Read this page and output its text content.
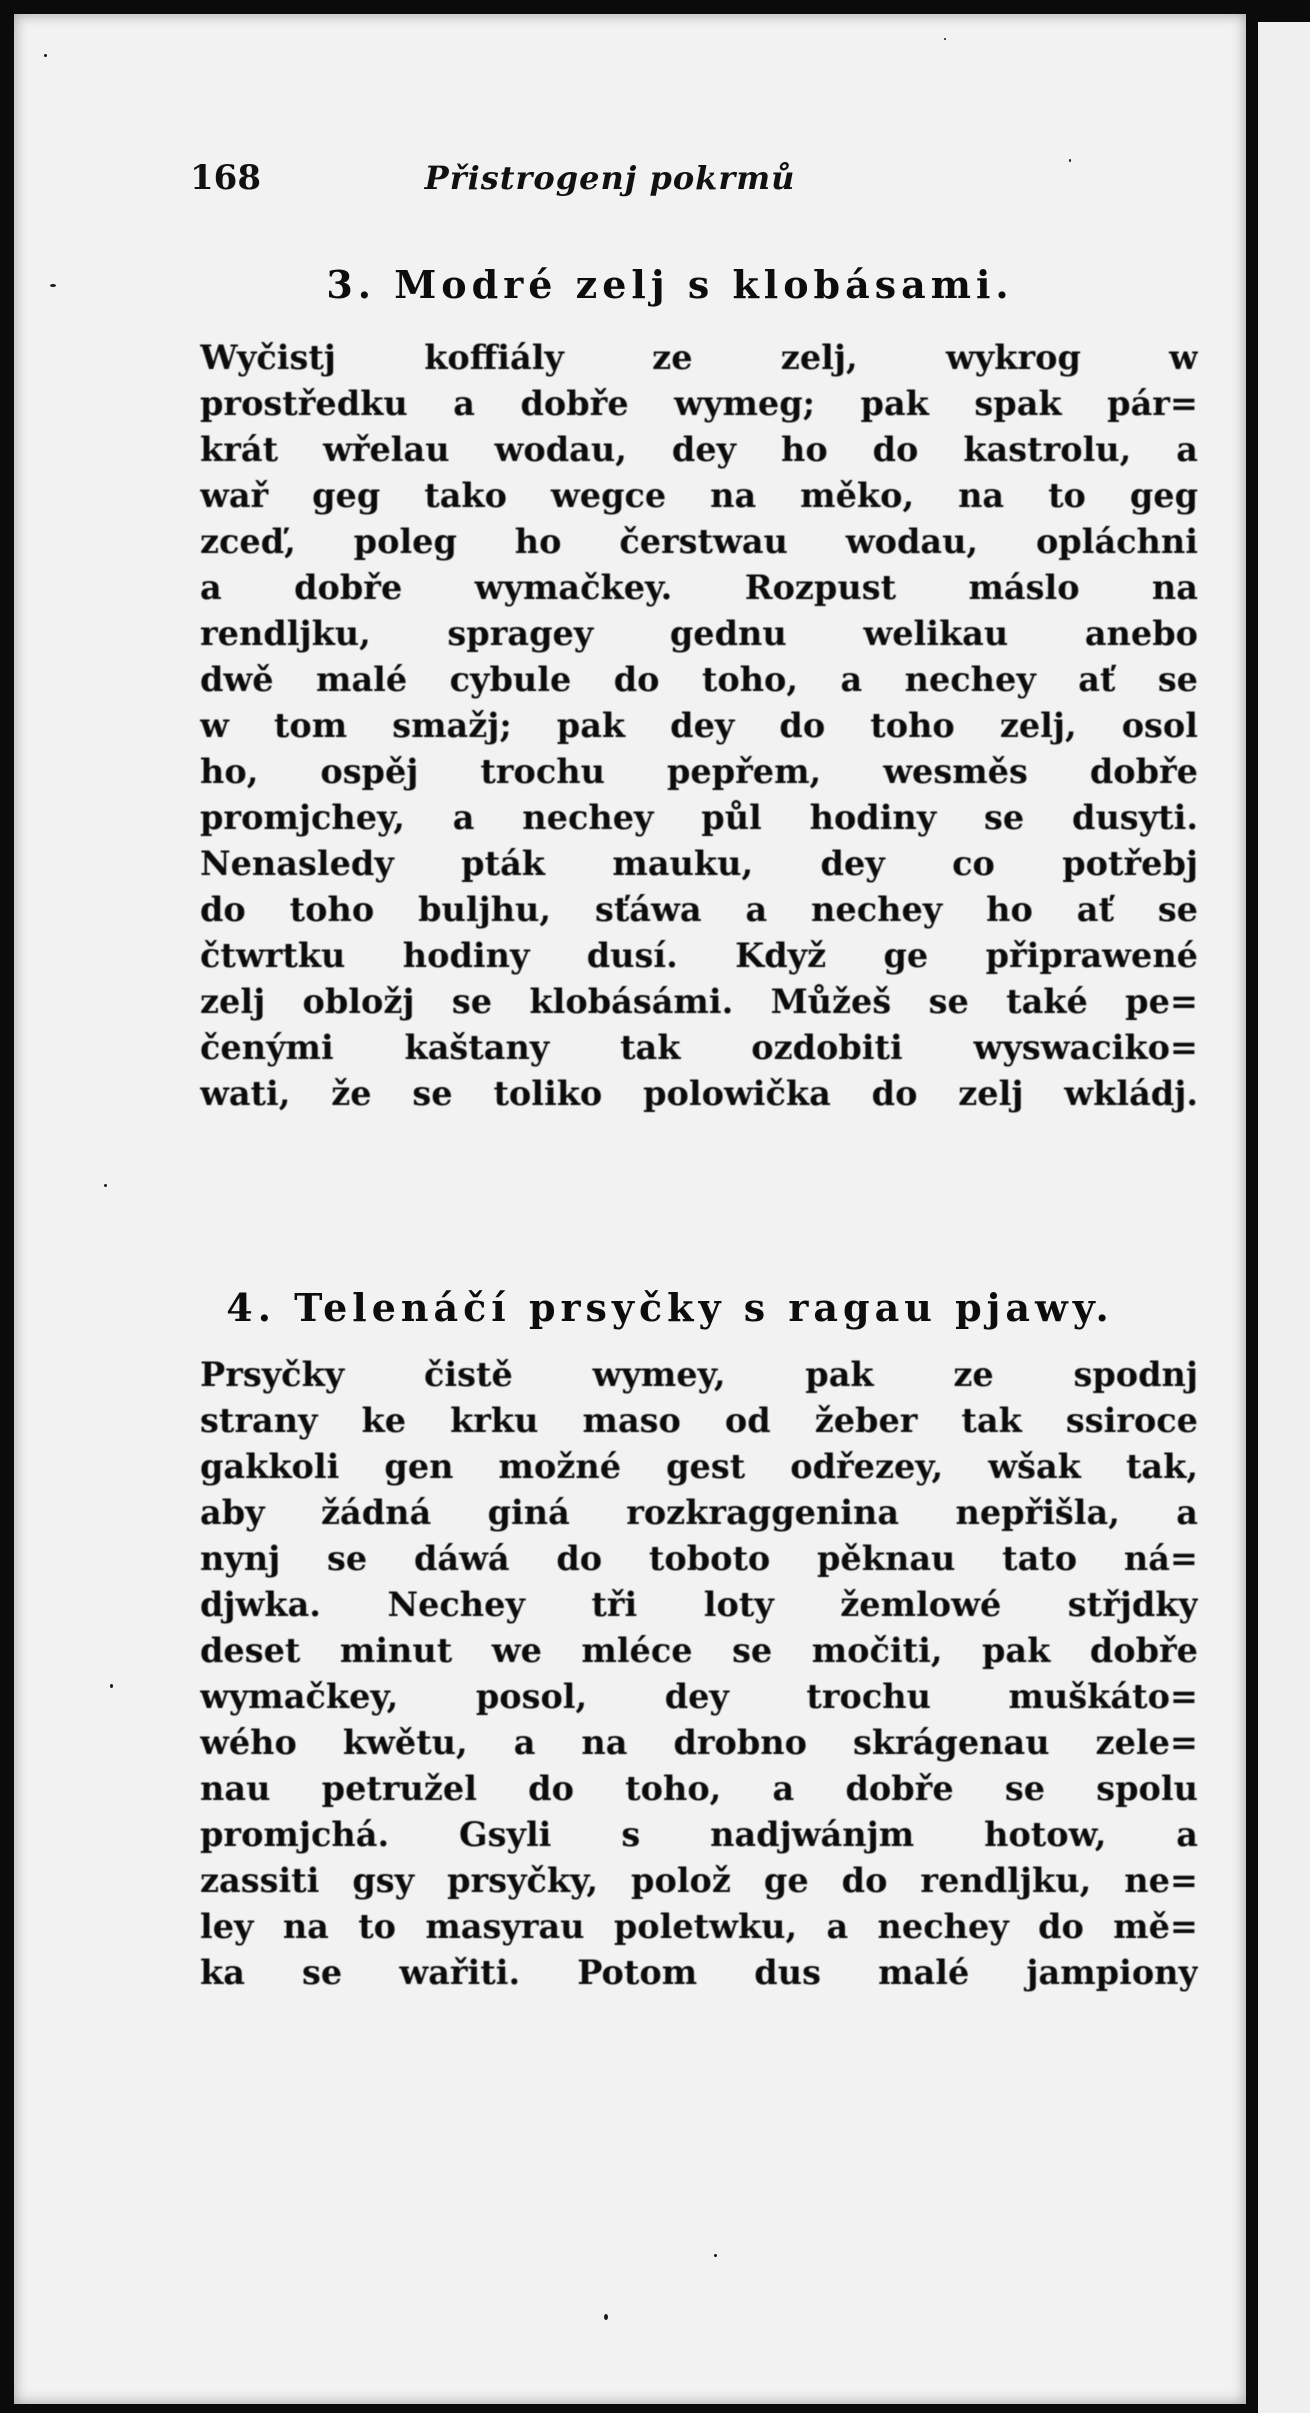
168	Přistrogenj pokrmů
3. Modré zelj s klobásami.
Wyčistj koffiály ze zelj, wykrog w
prostředku a dobře wymeg; pak spak pár=
krát wřelau wodau, dey ho do kastrolu, a
wař geg tako wegce na měko, na to geg
zceď, poleg ho čerstwau wodau, opláchni
a dobře wymačkey. Rozpust máslo na
rendljku, spragey gednu welikau anebo
dwě malé cybule do toho, a nechey ať se
w tom smažj; pak dey do toho zelj, osol
ho, ospěj trochu pepřem, wesměs dobře
promjchey, a nechey půl hodiny se dusyti.
Nenasledy pták mauku, dey co potřebj
do toho buljhu, sťáwa a nechey ho ať se
čtwrtku hodiny dusí. Když ge připrawené
zelj obložj se klobásámi. Můžeš se také pe=
čenými kaštany tak ozdobiti wyswaciko=
wati, že se toliko polowička do zelj wkládj.
4. Telenáčí prsyčky s ragau pjawy.
Prsyčky čistě wymey, pak ze spodnj
strany ke krku maso od žeber tak ssiroce
gakkoli gen možné gest odřezey, wšak tak,
aby žádná giná rozkraggenina nepřišla, a
nynj se dáwá do toboto pěknau tato ná=
djwka. Nechey tři loty žemlowé střjdky
deset minut we mléce se močiti, pak dobře
wymačkey, posol, dey trochu muškáto=
wého kwětu, a na drobno skrágenau zele=
nau petružel do toho, a dobře se spolu
promjchá. Gsyli s nadjwánjm hotow, a
zassiti gsy prsyčky, polož ge do rendljku, ne=
ley na to masyrau poletwku, a nechey do mě=
ka se wařiti. Potom dus malé jampiony
